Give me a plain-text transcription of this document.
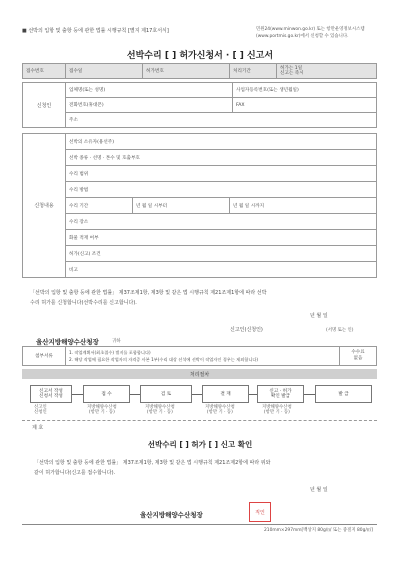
■ 선박의 입항 및 출항 등에 관한 법률 시행규칙 [별지 제17호서식]	민원24(www.minwon.go.kr) 또는 항만운영정보시스템
(www.portmis.go.kr)에서 신청할 수 있습니다.
선박수리 [ ] 허가신청서 · [ ] 신고서
접수번호	접수일	허가번호	처리기간	허가는 1일
신고는 즉시
신청인	업체명(또는 성명)	사업자등록번호(또는 생년월일)
	전화번호(휴대폰)	FAX
	주소	
신청내용	선박의 소유자(용선주)		
	선박 종류 · 선명 · 톤수 및 호출부호		
	수리 범위		
	수리 방법		
	수리 기간	년 월 일 시부터	년 월 일 시까지
	수리 장소		
	화물 적재 여부		
	허가(신고) 조건		
	비고		
「선박의 입항 및 출항 등에 관한 법률」 제37조제1항, 제3항 및 같은 법 시행규칙 제21조제1항에 따라 선박
수리 허가를 신청합니다(선박수리를 신고합니다).
년 월 일
신고인(신청인)	(서명 또는 인)
울산지방해양수산청장	귀하
첨부서류	1. 작업계획서(최초접수) 별지를 포함합니다)
2. 해당 작업에 필요한 작업자의 자격증 사본 1부(수리 대상 선석에 선박이 작업자인 경우는 제외합니다)	수수료
없음
처리절차
신고서 작성
신청서 작성	접 수	검 토	결 재
신고 · 허가
확인 발급	발 급
신고인
신청인
지방해양수산청
(항만 기 · 동)
지방해양수산청
(항만 기 · 동)
지방해양수산청
(항만 기 · 동)
지방해양수산청
(항만 기 · 동)
제 호
선박수리 [ ] 허가 [ ] 신고 확인
「선박의 입항 및 출항 등에 관한 법률」 제37조제1항, 제3항 및 같은 법 시행규칙 제21조제2항에 따라 위와
같이 허가합니다(신고를 접수합니다).
년 월 일
울산지방해양수산청장	직인
210mm×297mm[백상지 80g/㎡ 또는 중질지 80g/㎡]
